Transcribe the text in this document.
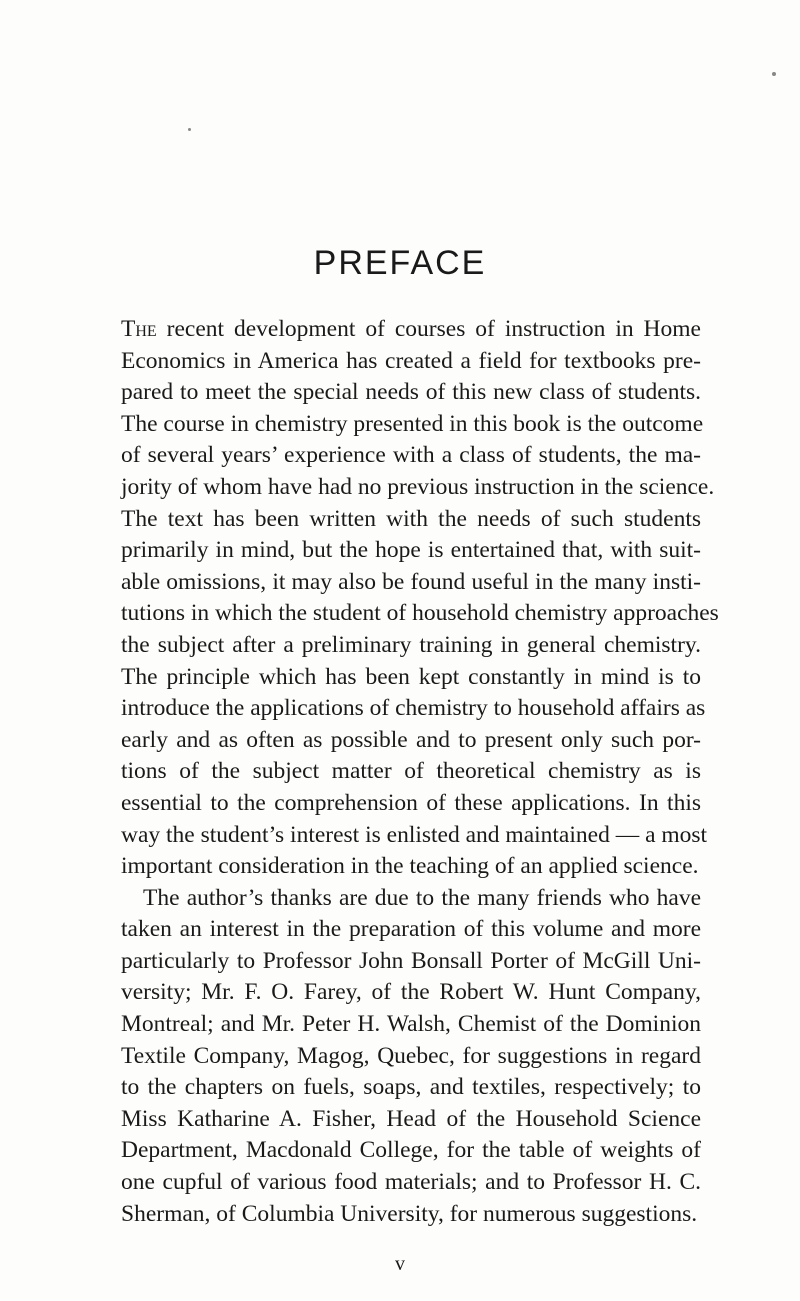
PREFACE
The recent development of courses of instruction in Home
Economics in America has created a field for textbooks pre-
pared to meet the special needs of this new class of students.
The course in chemistry presented in this book is the outcome
of several years’ experience with a class of students, the ma-
jority of whom have had no previous instruction in the science.
The text has been written with the needs of such students
primarily in mind, but the hope is entertained that, with suit-
able omissions, it may also be found useful in the many insti-
tutions in which the student of household chemistry approaches
the subject after a preliminary training in general chemistry.
The principle which has been kept constantly in mind is to
introduce the applications of chemistry to household affairs as
early and as often as possible and to present only such por-
tions of the subject matter of theoretical chemistry as is
essential to the comprehension of these applications. In this
way the student’s interest is enlisted and maintained — a most
important consideration in the teaching of an applied science.
The author’s thanks are due to the many friends who have
taken an interest in the preparation of this volume and more
particularly to Professor John Bonsall Porter of McGill Uni-
versity; Mr. F. O. Farey, of the Robert W. Hunt Company,
Montreal; and Mr. Peter H. Walsh, Chemist of the Dominion
Textile Company, Magog, Quebec, for suggestions in regard
to the chapters on fuels, soaps, and textiles, respectively; to
Miss Katharine A. Fisher, Head of the Household Science
Department, Macdonald College, for the table of weights of
one cupful of various food materials; and to Professor H. C.
Sherman, of Columbia University, for numerous suggestions.
v
